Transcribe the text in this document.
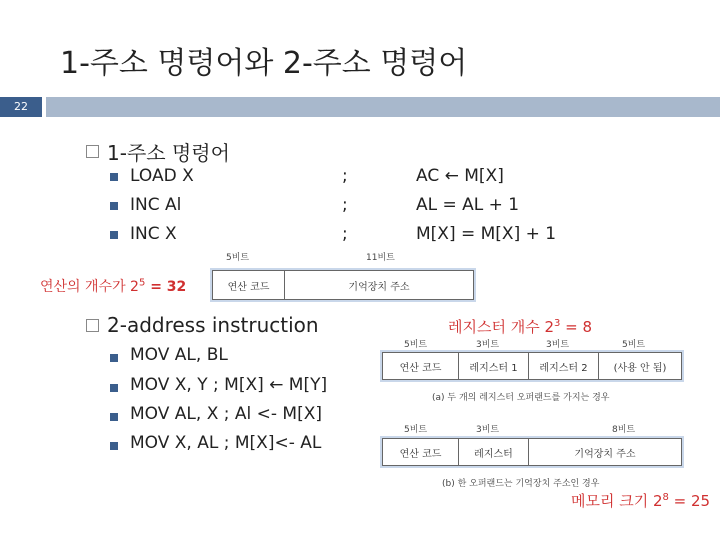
1-주소 명령어와 2-주소 명령어
22
1-주소 명령어
LOAD X	;	AC ← M[X]
INC Al	;	AL = AL + 1
INC X	;	M[X] = M[X] + 1
5비트	11비트
연산 코드	기억장치 주소
연산의 개수가 $2^5 = 32$
2-address instruction	레지스터 개수 $2^3 = 8$
MOV AL, BL
MOV X, Y ; M[X] ← M[Y]
MOV AL, X ; Al <- M[X]
MOV X, AL ; M[X]<- AL
5비트	3비트	3비트	5비트
연산 코드	레지스터 1	레지스터 2	(사용 안 됨)
(a) 두 개의 레지스터 오퍼랜드를 가지는 경우
5비트	3비트	8비트
연산 코드	레지스터	기억장치 주소
(b) 한 오퍼랜드는 기억장치 주소인 경우
메모리 크기 $2^8 = 25$
